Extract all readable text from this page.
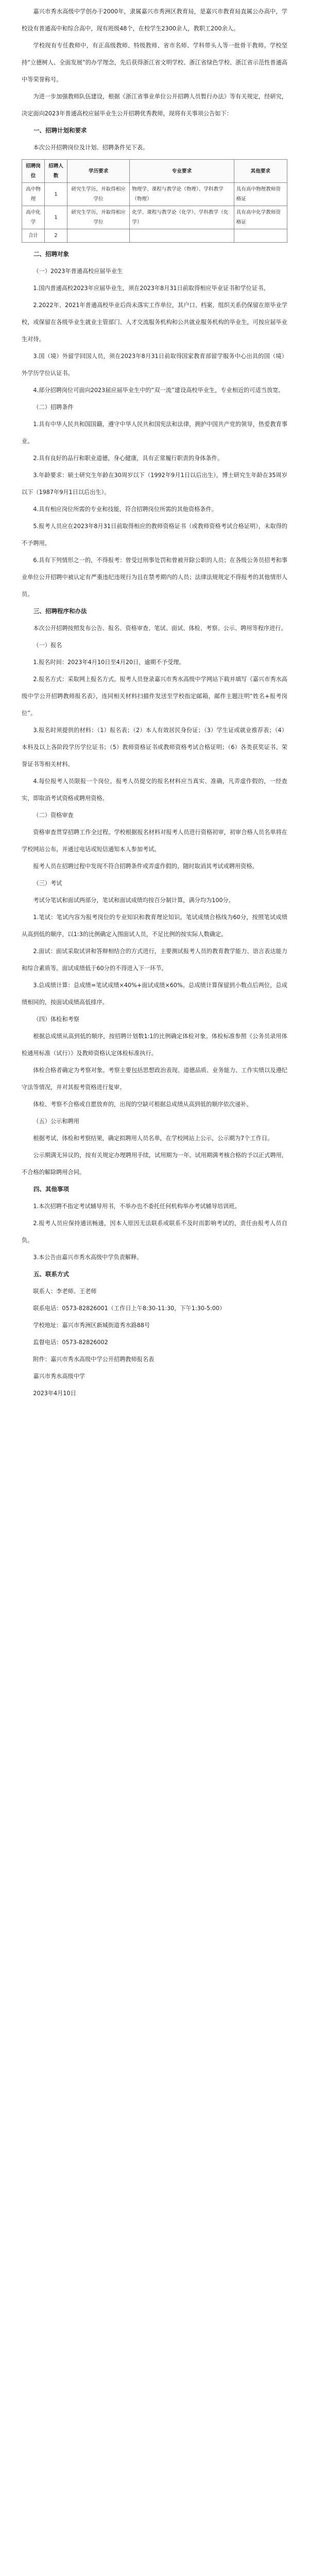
嘉兴市秀水高级中学创办于2000年，隶属嘉兴市秀洲区教育局，是嘉兴市教育局直属公办高中，学校设有普通高中和综合高中，现有班级48个，在校学生2300余人，教职工200余人。

学校现有专任教师中，有正高级教师、特级教师、省市名师、学科带头人等一批骨干教师。学校坚持“立德树人、全面发展”的办学理念，先后获得浙江省文明学校、浙江省绿色学校、浙江省示范性普通高中等荣誉称号。

为进一步加强教师队伍建设，根据《浙江省事业单位公开招聘人员暂行办法》等有关规定，经研究，决定面向2023年普通高校应届毕业生公开招聘优秀教师，现将有关事项公告如下：

一、招聘计划和要求

本次公开招聘岗位及计划、招聘条件见下表。

招聘岗位	招聘人数	学历要求	专业要求	其他要求
高中物理	1	研究生学历，并取得相应学位	物理学、课程与教学论（物理）、学科教学（物理）	具有高中物理教师资格证
高中化学	1	研究生学历，并取得相应学位	化学、课程与教学论（化学）、学科教学（化学）	具有高中化学教师资格证
合计	2			
二、招聘对象

（一）2023年普通高校应届毕业生

1.国内普通高校2023年应届毕业生，须在2023年8月31日前取得相应毕业证书和学位证书。

2.2022年、2021年普通高校毕业后尚未落实工作单位，其户口、档案、组织关系仍保留在原毕业学校，或保留在各级毕业生就业主管部门、人才交流服务机构和公共就业服务机构的毕业生，可按应届毕业生对待。

3.国（境）外留学回国人员，须在2023年8月31日前取得国家教育部留学服务中心出具的国（境）外学历学位认证书。

4.部分招聘岗位可面向2023届应届毕业生中的“双一流”建设高校毕业生，专业相近的可适当放宽。

（二）招聘条件

1.具有中华人民共和国国籍，遵守中华人民共和国宪法和法律，拥护中国共产党的领导，热爱教育事业。

2.具有良好的品行和职业道德，身心健康，具有正常履行职责的身体条件。

3.年龄要求：硕士研究生年龄在30周岁以下（1992年9月1日以后出生），博士研究生年龄在35周岁以下（1987年9月1日以后出生）。

4.具有相应岗位所需的专业和技能，符合招聘岗位所需的其他资格条件。

5.报考人员应在2023年8月31日前取得相应的教师资格证书（或教师资格考试合格证明），未取得的不予聘用。

6.具有下列情形之一的，不得报考：曾受过刑事处罚和曾被开除公职的人员；在各级公务员招考和事业单位公开招聘中被认定有严重违纪违规行为且在禁考期内的人员；法律法规规定不得报考的其他情形人员。

三、招聘程序和办法

本次公开招聘按照发布公告、报名、资格审查、笔试、面试、体检、考察、公示、聘用等程序进行。

（一）报名

1.报名时间：2023年4月10日至4月20日，逾期不予受理。

2.报名方式：采取网上报名方式。报考人员登录嘉兴市秀水高级中学网站下载并填写《嘉兴市秀水高级中学公开招聘教师报名表》，连同相关材料扫描件发送至学校指定邮箱，邮件主题注明“姓名+报考岗位”。

3.报名时须提供的材料：（1）报名表；（2）本人有效居民身份证；（3）学生证或就业推荐表；（4）本科及以上各阶段学历学位证书；（5）教师资格证书或教师资格考试合格证明；（6）各类获奖证书、荣誉证书等相关材料。

4.每位报考人员限报一个岗位。报考人员提交的报名材料应当真实、准确，凡弄虚作假的，一经查实，即取消考试资格或聘用资格。

（二）资格审查

资格审查贯穿招聘工作全过程。学校根据报名材料对报考人员进行资格初审，初审合格人员名单将在学校网站公布，并通过电话或短信通知本人参加考试。

报考人员在招聘过程中发现不符合招聘条件或弄虚作假的，随时取消其考试或聘用资格。

（三）考试

考试分笔试和面试两部分，笔试和面试成绩均按百分制计算，满分均为100分。

1.笔试：笔试内容为报考岗位的专业知识和教育理论知识。笔试成绩合格线为60分，按照笔试成绩从高到低的顺序，以1:3的比例确定入围面试人员，不足比例的按实际人数确定。

2.面试：面试采取试讲和答辩相结合的方式进行，主要测试报考人员的教育教学能力、语言表达能力和综合素质等。面试成绩低于60分的不得进入下一环节。

3.总成绩计算：总成绩=笔试成绩×40%+面试成绩×60%。总成绩计算保留到小数点后两位，总成绩相同的，按面试成绩高低排序。

（四）体检和考察

根据总成绩从高到低的顺序，按招聘计划数1:1的比例确定体检对象。体检标准参照《公务员录用体检通用标准（试行）》及教师资格认定体检标准执行。

体检合格者确定为考察对象。考察主要包括思想政治表现、道德品质、业务能力、工作实绩以及遵纪守法等情况，并对其报考资格进行复审。

体检、考察不合格或自愿放弃的，出现的空缺可根据总成绩从高到低的顺序依次递补。

（五）公示和聘用

根据考试、体检和考察结果，确定拟聘用人员名单，在学校网站上公示，公示期为7个工作日。

公示期满无异议的，按有关规定办理聘用手续，试用期为一年。试用期满考核合格的予以正式聘用，不合格的解除聘用合同。

四、其他事项

1.本次招聘不指定考试辅导用书，不举办也不委托任何机构举办考试辅导培训班。

2.报考人员应保持通讯畅通，因本人原因无法联系或联系不及时而影响考试的，责任由报考人员自负。

3.本公告由嘉兴市秀水高级中学负责解释。

五、联系方式

联系人：李老师、王老师

联系电话：0573-82826001（工作日上午8:30-11:30，下午1:30-5:00）

学校地址：嘉兴市秀洲区新城街道秀水路88号

监督电话：0573-82826002

附件：嘉兴市秀水高级中学公开招聘教师报名表

嘉兴市秀水高级中学

2023年4月10日
